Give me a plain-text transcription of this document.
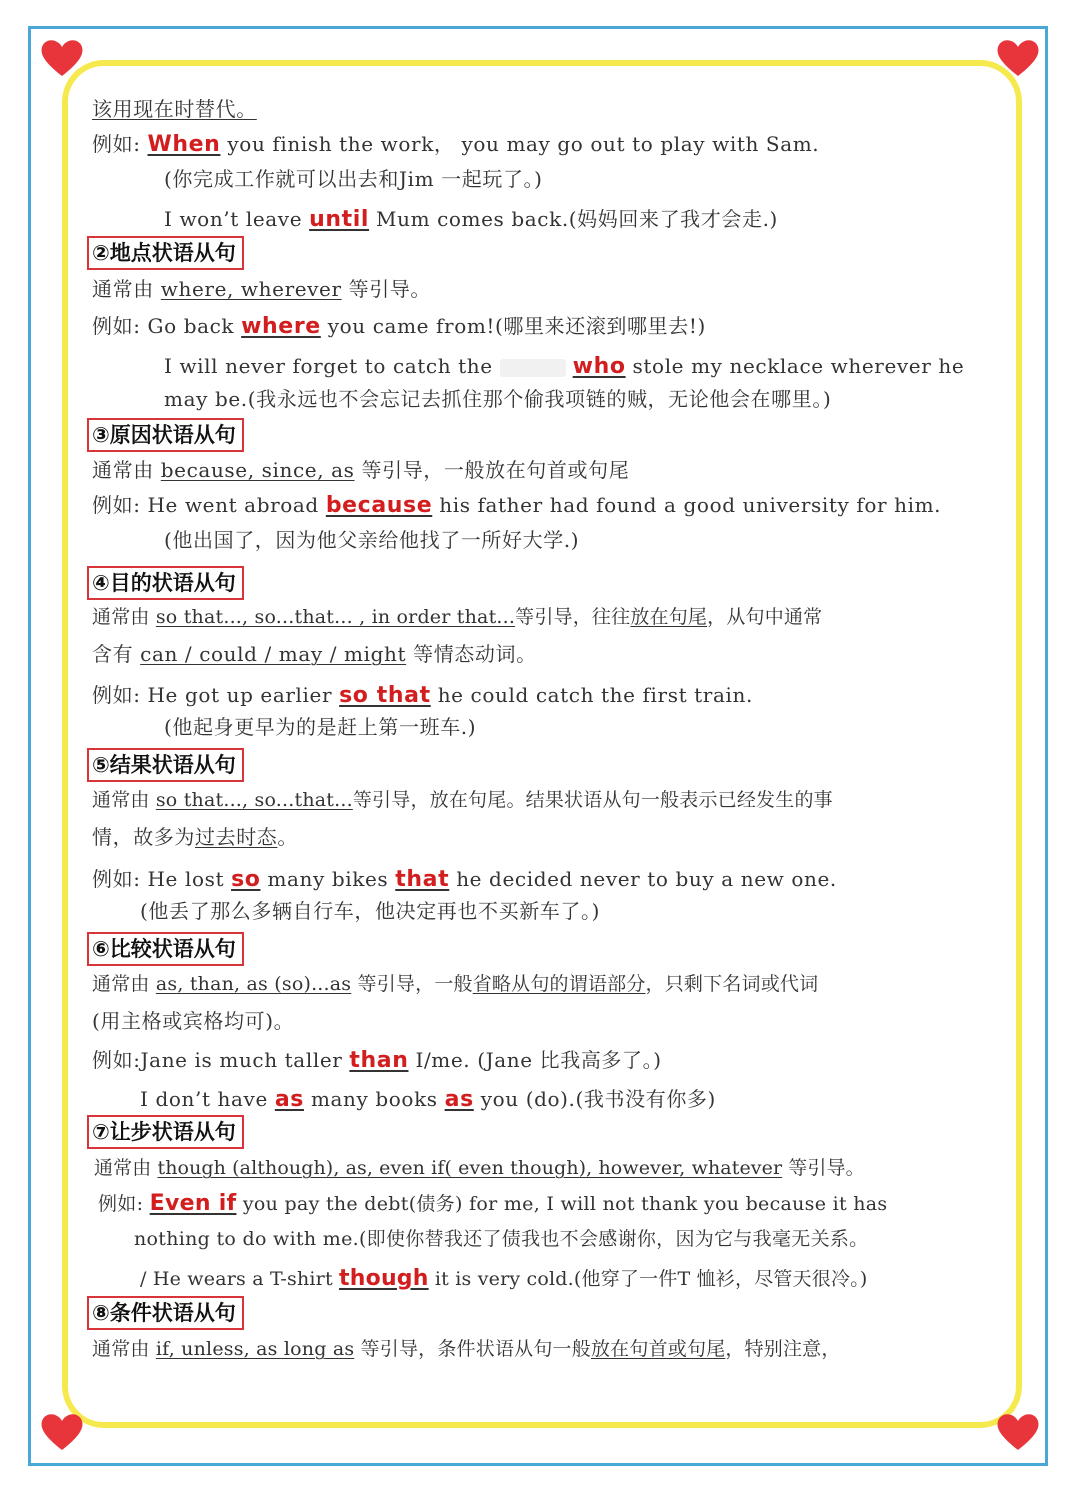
该用现在时替代。
例如: When you finish the work， you may go out to play with Sam.
(你完成工作就可以出去和Jim 一起玩了。)
I won’t leave until Mum comes back.(妈妈回来了我才会走.)
②地点状语从句
通常由 where, wherever 等引导。
例如: Go back where you came from!(哪里来还滚到哪里去!)
I will never forget to catch the	who stole my necklace wherever he
may be.(我永远也不会忘记去抓住那个偷我项链的贼，无论他会在哪里。)
③原因状语从句
通常由 because, since, as 等引导，一般放在句首或句尾
例如: He went abroad because his father had found a good university for him.
(他出国了，因为他父亲给他找了一所好大学.)
④目的状语从句
通常由 so that..., so...that... , in order that...等引导，往往放在句尾，从句中通常
含有 can / could / may / might 等情态动词。
例如: He got up earlier so that he could catch the first train.
(他起身更早为的是赶上第一班车.)
⑤结果状语从句
通常由 so that..., so...that...等引导，放在句尾。结果状语从句一般表示已经发生的事
情，故多为过去时态。
例如: He lost so many bikes that he decided never to buy a new one.
(他丢了那么多辆自行车，他决定再也不买新车了。)
⑥比较状语从句
通常由 as, than, as (so)...as 等引导，一般省略从句的谓语部分，只剩下名词或代词
(用主格或宾格均可)。
例如:Jane is much taller than I/me. (Jane 比我高多了。)
I don’t have as many books as you (do).(我书没有你多)
⑦让步状语从句
通常由 though (although), as, even if( even though), however, whatever 等引导。
例如: Even if you pay the debt(债务) for me, I will not thank you because it has
nothing to do with me.(即使你替我还了债我也不会感谢你，因为它与我毫无关系。
/ He wears a T-shirt though it is very cold.(他穿了一件T 恤衫，尽管天很冷。)
⑧条件状语从句
通常由 if, unless, as long as 等引导，条件状语从句一般放在句首或句尾，特别注意，
